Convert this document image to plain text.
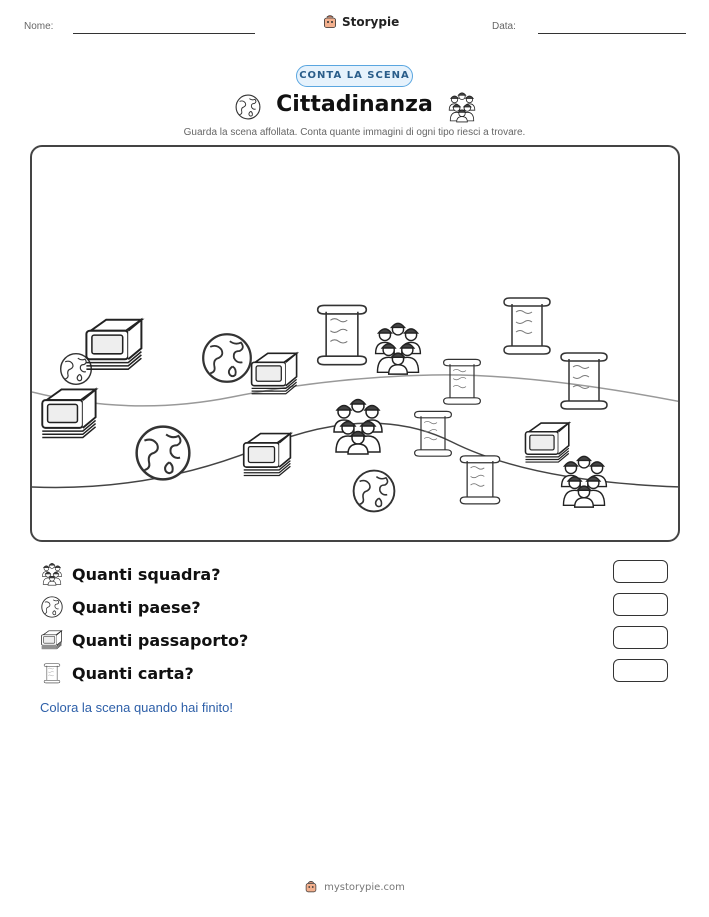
Nome:	Storypie	Data:
CONTA LA SCENA
Cittadinanza
Guarda la scena affollata. Conta quante immagini di ogni tipo riesci a trovare.
Quanti squadra?
Quanti paese?
Quanti passaporto?
Quanti carta?
Colora la scena quando hai finito!
mystorypie.com
